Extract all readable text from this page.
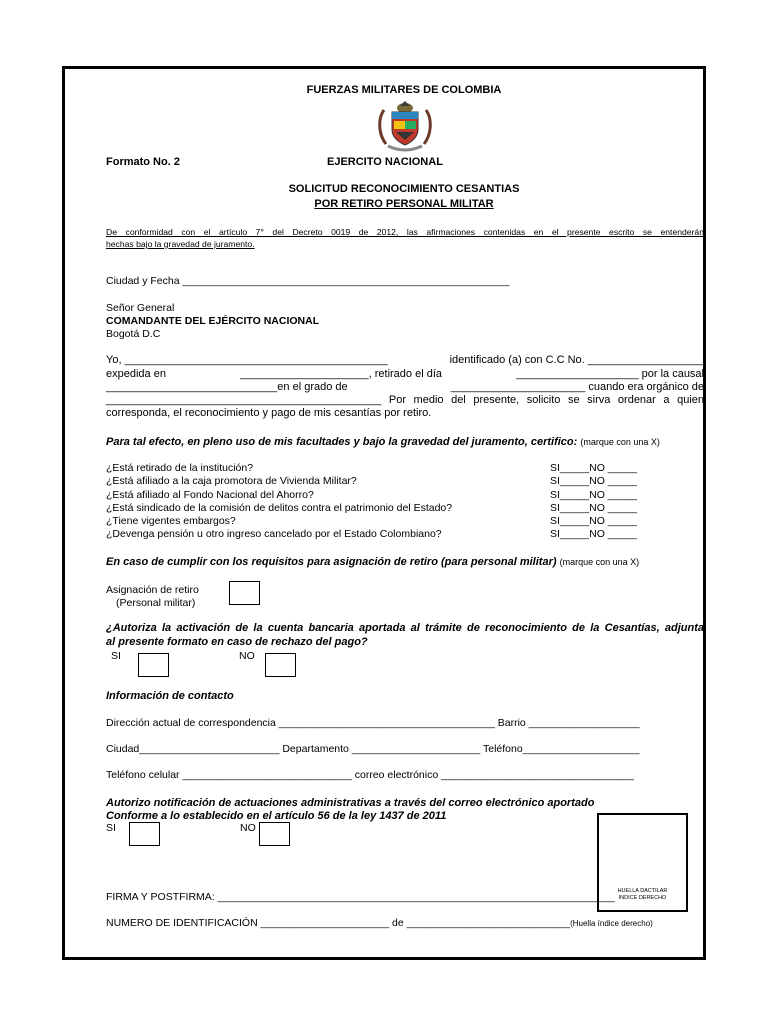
FUERZAS MILITARES DE COLOMBIA
Formato No. 2	EJERCITO NACIONAL
SOLICITUD RECONOCIMIENTO CESANTIAS
POR RETIRO PERSONAL MILITAR
De conformidad con el artículo 7° del Decreto 0019 de 2012, las afirmaciones contenidas en el presente escrito se entenderán
hechas bajo la gravedad de juramento.
Ciudad y Fecha ________________________________________________________
Señor General
COMANDANTE DEL EJÉRCITO NACIONAL
Bogotá D.C
Yo, ___________________________________________	identificado (a) con C.C No. ___________________
expedida en	_____________________, retirado el día	____________________ por la causal
____________________________en el grado de	______________________ cuando era orgánico de
_____________________________________________ Por medio del presente, solicito se sirva ordenar a quien
corresponda, el reconocimiento y pago de mis cesantías por retiro.
Para tal efecto, en pleno uso de mis facultades y bajo la gravedad del juramento, certifico: (marque con una X)
¿Está retirado de la institución?	SI_____NO _____
¿Está afiliado a la caja promotora de Vivienda Militar?	SI_____NO _____
¿Está afiliado al Fondo Nacional del Ahorro?	SI_____NO _____
¿Está sindicado de la comisión de delitos contra el patrimonio del Estado?	SI_____NO _____
¿Tiene vigentes embargos?	SI_____NO _____
¿Devenga pensión u otro ingreso cancelado por el Estado Colombiano?	SI_____NO _____
En caso de cumplir con los requisitos para asignación de retiro (para personal militar) (marque con una X)
Asignación de retiro
(Personal militar)
¿Autoriza la activación de la cuenta bancaria aportada al trámite de reconocimiento de la Cesantías, adjunta
al presente formato en caso de rechazo del pago?
SI	NO
Información de contacto
Dirección actual de correspondencia _____________________________________ Barrio ___________________
Ciudad________________________ Departamento ______________________ Teléfono____________________
Teléfono celular _____________________________ correo electrónico _________________________________
Autorizo notificación de actuaciones administrativas a través del correo electrónico aportado
Conforme a lo establecido en el artículo 56 de la ley 1437 de 2011
SI	NO
HUELLA DACTILAR
INDICE DERECHO
FIRMA Y POSTFIRMA: ____________________________________________________________________
NUMERO DE IDENTIFICACIÓN ______________________ de ____________________________(Huella índice derecho)
